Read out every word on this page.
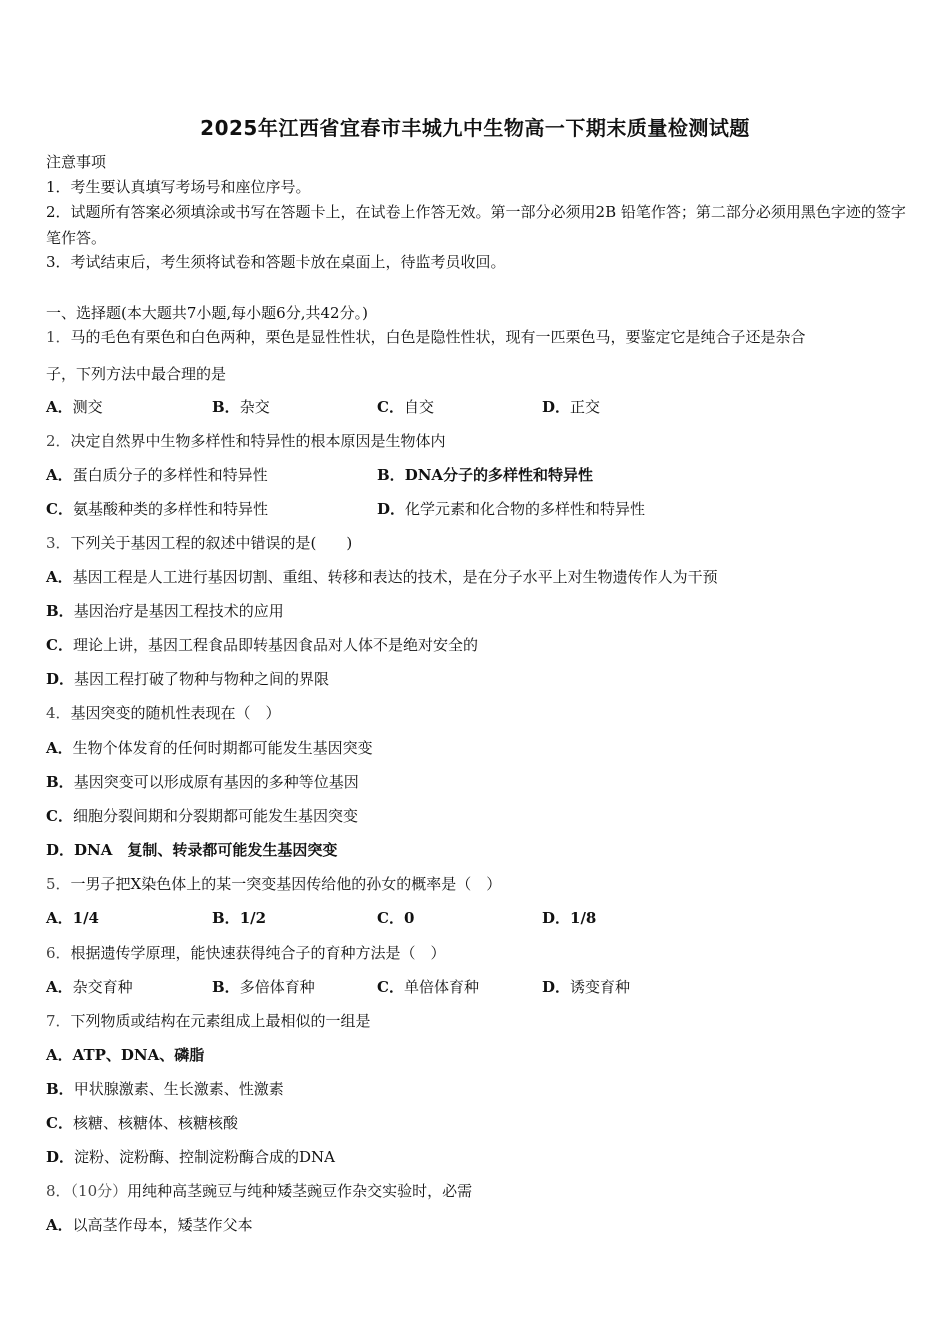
2025年江西省宜春市丰城九中生物高一下期末质量检测试题
注意事项
1．考生要认真填写考场号和座位序号。
2．试题所有答案必须填涂或书写在答题卡上，在试卷上作答无效。第一部分必须用2B 铅笔作答；第二部分必须用黑色字迹的签字笔作答。
3．考试结束后，考生须将试卷和答题卡放在桌面上，待监考员收回。
一、选择题(本大题共7小题,每小题6分,共42分。)
1．马的毛色有栗色和白色两种，栗色是显性性状，白色是隐性性状，现有一匹栗色马，要鉴定它是纯合子还是杂合
子，下列方法中最合理的是
A．测交	B．杂交	C．自交	D．正交
2．决定自然界中生物多样性和特异性的根本原因是生物体内
A．蛋白质分子的多样性和特异性	B．DNA分子的多样性和特异性
C．氨基酸种类的多样性和特异性	D．化学元素和化合物的多样性和特异性
3．下列关于基因工程的叙述中错误的是(　　)
A．基因工程是人工进行基因切割、重组、转移和表达的技术，是在分子水平上对生物遗传作人为干预
B．基因治疗是基因工程技术的应用
C．理论上讲，基因工程食品即转基因食品对人体不是绝对安全的
D．基因工程打破了物种与物种之间的界限
4．基因突变的随机性表现在（　）
A．生物个体发育的任何时期都可能发生基因突变
B．基因突变可以形成原有基因的多种等位基因
C．细胞分裂间期和分裂期都可能发生基因突变
D．DNA　复制、转录都可能发生基因突变
5．一男子把X染色体上的某一突变基因传给他的孙女的概率是（　）
A．1/4	B．1/2	C．0	D．1/8
6．根据遗传学原理，能快速获得纯合子的育种方法是（　）
A．杂交育种	B．多倍体育种	C．单倍体育种	D．诱变育种
7．下列物质或结构在元素组成上最相似的一组是
A．ATP、DNA、磷脂
B．甲状腺激素、生长激素、性激素
C．核糖、核糖体、核糖核酸
D．淀粉、淀粉酶、控制淀粉酶合成的DNA
8．（10分）用纯种高茎豌豆与纯种矮茎豌豆作杂交实验时，必需
A．以高茎作母本，矮茎作父本
